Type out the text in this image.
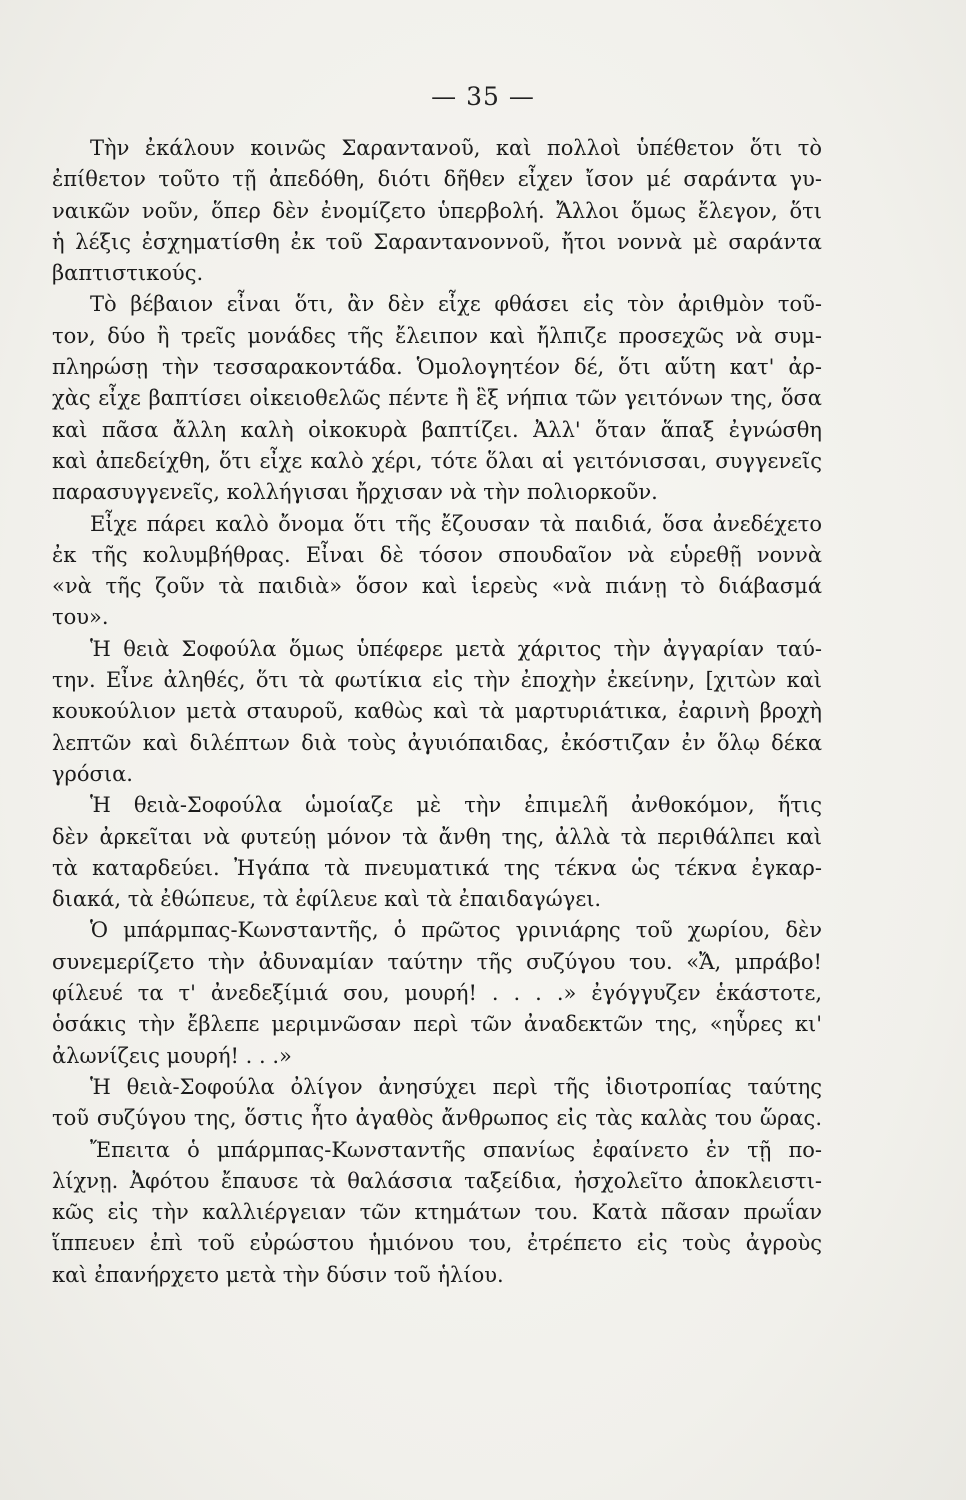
— 35 —
Τὴν ἐκάλουν κοινῶς Σαραντανοῦ, καὶ πολλοὶ ὑπέθετον ὅτι τὸ
ἐπίθετον τοῦτο τῇ ἀπεδόθη, διότι δῆθεν εἶχεν ἴσον μέ σαράντα γυ-
ναικῶν νοῦν, ὅπερ δὲν ἐνομίζετο ὑπερβολή. Ἄλλοι ὅμως ἔλεγον, ὅτι
ἡ λέξις ἐσχηματίσθη ἐκ τοῦ Σαραντανοννοῦ, ἤτοι νοννὰ μὲ σαράντα
βαπτιστικούς.
Τὸ βέβαιον εἶναι ὅτι, ἂν δὲν εἶχε φθάσει εἰς τὸν ἀριθμὸν τοῦ-
τον, δύο ἢ τρεῖς μονάδες τῆς ἔλειπον καὶ ἤλπιζε προσεχῶς νὰ συμ-
πληρώσῃ τὴν τεσσαρακοντάδα. Ὁμολογητέον δέ, ὅτι αὕτη κατ' ἀρ-
χὰς εἶχε βαπτίσει οἰκειοθελῶς πέντε ἢ ἓξ νήπια τῶν γειτόνων της, ὅσα
καὶ πᾶσα ἄλλη καλὴ οἰκοκυρὰ βαπτίζει. Ἀλλ' ὅταν ἅπαξ ἐγνώσθη
καὶ ἀπεδείχθη, ὅτι εἶχε καλὸ χέρι, τότε ὅλαι αἱ γειτόνισσαι, συγγενεῖς
παρασυγγενεῖς, κολλήγισαι ἤρχισαν νὰ τὴν πολιορκοῦν.
Εἶχε πάρει καλὸ ὄνομα ὅτι τῆς ἔζουσαν τὰ παιδιά, ὅσα ἀνεδέχετο
ἐκ τῆς κολυμβήθρας. Εἶναι δὲ τόσον σπουδαῖον νὰ εὑρεθῇ νοννὰ
«νὰ τῆς ζοῦν τὰ παιδιὰ» ὅσον καὶ ἱερεὺς «νὰ πιάνῃ τὸ διάβασμά
του».
Ἡ θειὰ Σοφούλα ὅμως ὑπέφερε μετὰ χάριτος τὴν ἀγγαρίαν ταύ-
την. Εἶνε ἀληθές, ὅτι τὰ φωτίκια εἰς τὴν ἐποχὴν ἐκείνην, [χιτὼν καὶ
κουκούλιον μετὰ σταυροῦ, καθὼς καὶ τὰ μαρτυριάτικα, ἐαρινὴ βροχὴ
λεπτῶν καὶ διλέπτων διὰ τοὺς ἀγυιόπαιδας, ἐκόστιζαν ἐν ὅλῳ δέκα
γρόσια.
Ἡ θειὰ-Σοφούλα ὡμοίαζε μὲ τὴν ἐπιμελῆ ἀνθοκόμον, ἥτις
δὲν ἀρκεῖται νὰ φυτεύῃ μόνον τὰ ἄνθη της, ἀλλὰ τὰ περιθάλπει καὶ
τὰ καταρδεύει. Ἠγάπα τὰ πνευματικά της τέκνα ὡς τέκνα ἐγκαρ-
διακά, τὰ ἐθώπευε, τὰ ἐφίλευε καὶ τὰ ἐπαιδαγώγει.
Ὁ μπάρμπας-Κωνσταντῆς, ὁ πρῶτος γρινιάρης τοῦ χωρίου, δὲν
συνεμερίζετο τὴν ἀδυναμίαν ταύτην τῆς συζύγου του. «Ἄ, μπράβο!
φίλευέ τα τ' ἀνεδεξίμιά σου, μουρή! . . . .» ἐγόγγυζεν ἑκάστοτε,
ὁσάκις τὴν ἔβλεπε μεριμνῶσαν περὶ τῶν ἀναδεκτῶν της, «ηὗρες κι'
ἀλωνίζεις μουρή! . . .»
Ἡ θειὰ-Σοφούλα ὀλίγον ἀνησύχει περὶ τῆς ἰδιοτροπίας ταύτης
τοῦ συζύγου της, ὅστις ἦτο ἀγαθὸς ἄνθρωπος εἰς τὰς καλὰς του ὥρας.
Ἔπειτα ὁ μπάρμπας-Κωνσταντῆς σπανίως ἐφαίνετο ἐν τῇ πο-
λίχνῃ. Ἀφότου ἔπαυσε τὰ θαλάσσια ταξείδια, ἠσχολεῖτο ἀποκλειστι-
κῶς εἰς τὴν καλλιέργειαν τῶν κτημάτων του. Κατὰ πᾶσαν πρωΐαν
ἵππευεν ἐπὶ τοῦ εὐρώστου ἡμιόνου του, ἐτρέπετο εἰς τοὺς ἀγροὺς
καὶ ἐπανήρχετο μετὰ τὴν δύσιν τοῦ ἡλίου.
